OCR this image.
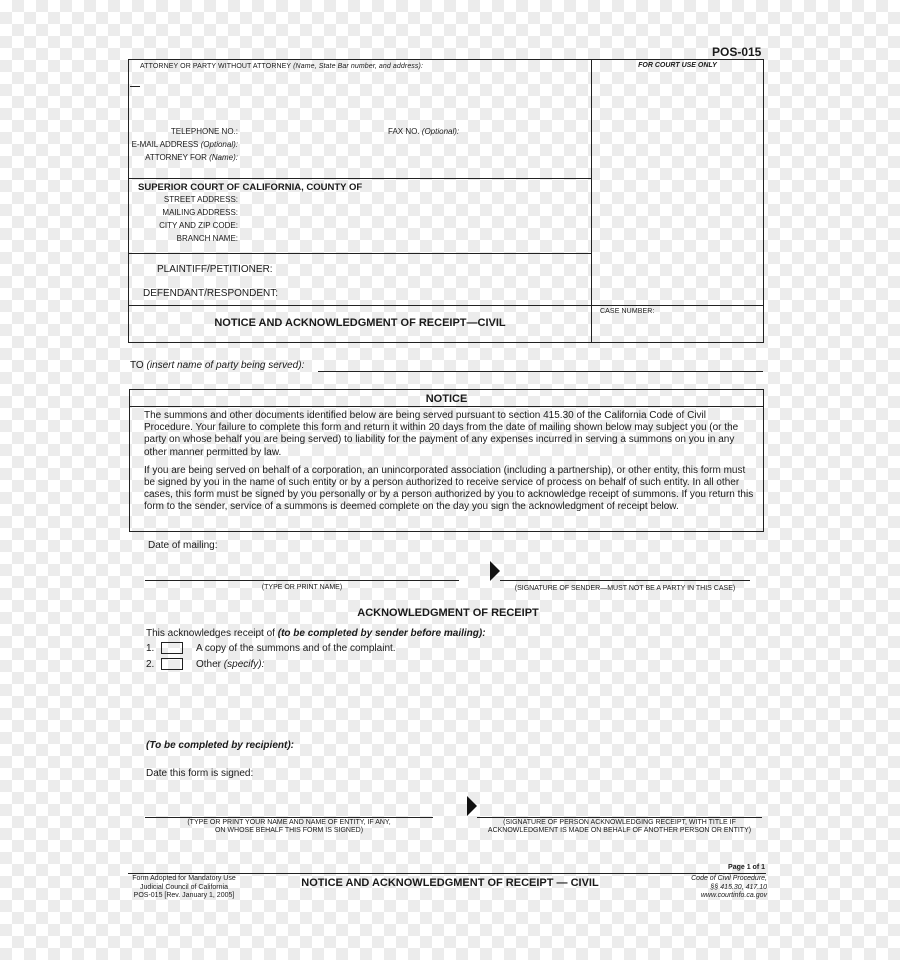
POS-015
FOR COURT USE ONLY
ATTORNEY OR PARTY WITHOUT ATTORNEY (Name, State Bar number, and address):
TELEPHONE NO.:	FAX NO. (Optional):
E-MAIL ADDRESS (Optional):
ATTORNEY FOR (Name):
SUPERIOR COURT OF CALIFORNIA, COUNTY OF
STREET ADDRESS:
MAILING ADDRESS:
CITY AND ZIP CODE:
BRANCH NAME:
PLAINTIFF/PETITIONER:
DEFENDANT/RESPONDENT:
NOTICE AND ACKNOWLEDGMENT OF RECEIPT—CIVIL
CASE NUMBER:
TO (insert name of party being served):
NOTICE

The summons and other documents identified below are being served pursuant to section 415.30 of the California Code of Civil Procedure. Your failure to complete this form and return it within 20 days from the date of mailing shown below may subject you (or the party on whose behalf you are being served) to liability for the payment of any expenses incurred in serving a summons on you in any other manner permitted by law.

If you are being served on behalf of a corporation, an unincorporated association (including a partnership), or other entity, this form must be signed by you in the name of such entity or by a person authorized to receive service of process on behalf of such entity. In all other cases, this form must be signed by you personally or by a person authorized by you to acknowledge receipt of summons. If you return this form to the sender, service of a summons is deemed complete on the day you sign the acknowledgment of receipt below.

Date of mailing:
(TYPE OR PRINT NAME)	(SIGNATURE OF SENDER—MUST NOT BE A PARTY IN THIS CASE)
ACKNOWLEDGMENT OF RECEIPT
This acknowledges receipt of (to be completed by sender before mailing):
1.	A copy of the summons and of the complaint.
2.	Other (specify):
(To be completed by recipient):
Date this form is signed:
(TYPE OR PRINT YOUR NAME AND NAME OF ENTITY, IF ANY,
ON WHOSE BEHALF THIS FORM IS SIGNED)
(SIGNATURE OF PERSON ACKNOWLEDGING RECEIPT, WITH TITLE IF
ACKNOWLEDGMENT IS MADE ON BEHALF OF ANOTHER PERSON OR ENTITY)
Page 1 of 1
Form Adopted for Mandatory Use
Judicial Council of California
POS-015 [Rev. January 1, 2005]
NOTICE AND ACKNOWLEDGMENT OF RECEIPT — CIVIL	Code of Civil Procedure,
§§ 415.30, 417.10
www.courtinfo.ca.gov
